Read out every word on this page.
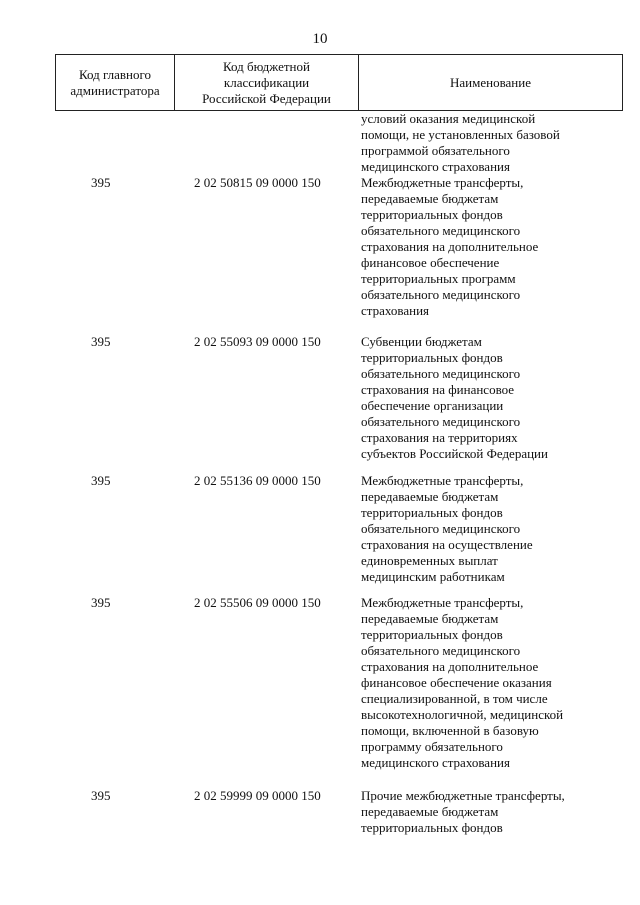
10
Код главного
администратора	Код бюджетной
классификации
Российской Федерации	Наименование
условий оказания медицинской
помощи, не установленных базовой
программой обязательного
медицинского страхования
395	2 02 50815 09 0000 150	Межбюджетные трансферты,
передаваемые бюджетам
территориальных фондов
обязательного медицинского
страхования на дополнительное
финансовое обеспечение
территориальных программ
обязательного медицинского
страхования
395	2 02 55093 09 0000 150	Субвенции бюджетам
территориальных фондов
обязательного медицинского
страхования на финансовое
обеспечение организации
обязательного медицинского
страхования на территориях
субъектов Российской Федерации
395	2 02 55136 09 0000 150	Межбюджетные трансферты,
передаваемые бюджетам
территориальных фондов
обязательного медицинского
страхования на осуществление
единовременных выплат
медицинским работникам
395	2 02 55506 09 0000 150	Межбюджетные трансферты,
передаваемые бюджетам
территориальных фондов
обязательного медицинского
страхования на дополнительное
финансовое обеспечение оказания
специализированной, в том числе
высокотехнологичной, медицинской
помощи, включенной в базовую
программу обязательного
медицинского страхования
395	2 02 59999 09 0000 150	Прочие межбюджетные трансферты,
передаваемые бюджетам
территориальных фондов
